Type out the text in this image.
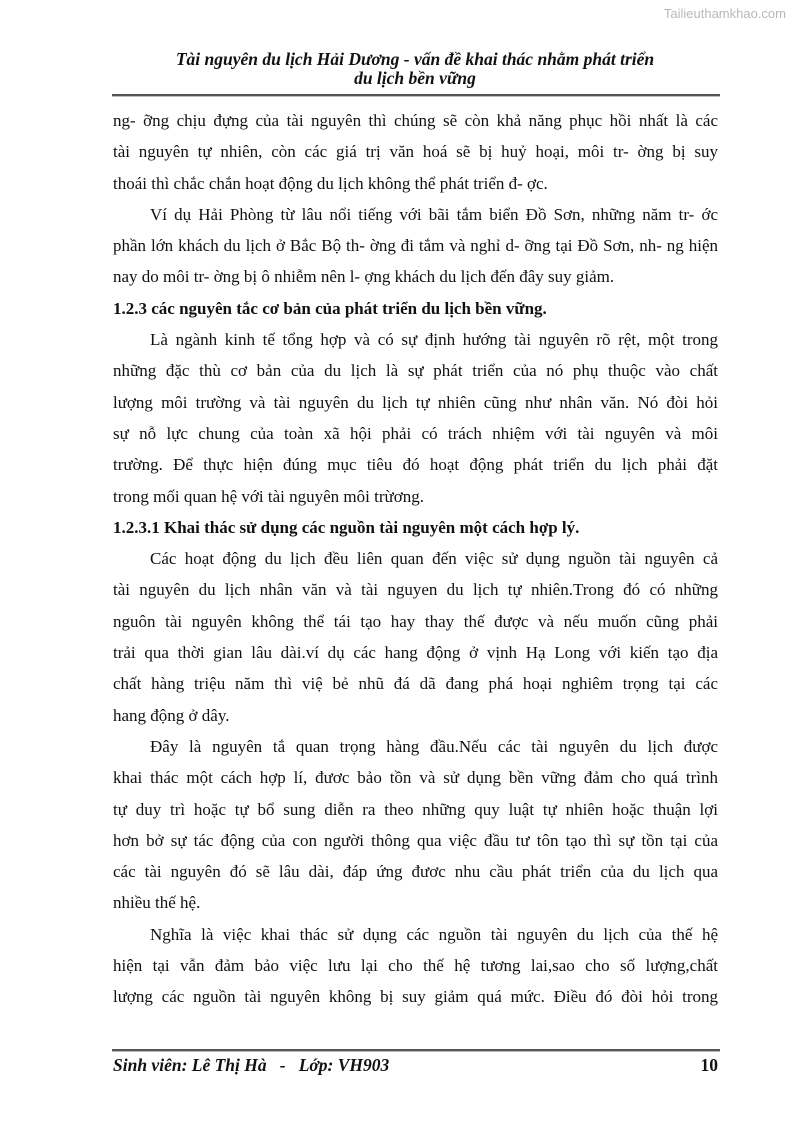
Tailieuthamkhao.com
Tài nguyên du lịch Hải Dương - vấn đề khai thác nhằm phát triển
du lịch bền vững
ng- ỡng chịu đựng của tài nguyên thì chúng sẽ còn khả năng phục hồi nhất là các
tài nguyên tự nhiên, còn các giá trị văn hoá sẽ bị huỷ hoại, môi tr- ờng bị suy
thoái thì chắc chắn hoạt động du lịch không thể phát triển đ- ợc.
Ví dụ Hải Phòng từ lâu nổi tiếng với bãi tắm biển Đồ Sơn, những năm tr- ớc
phần lớn khách du lịch ở Bắc Bộ th- ờng đi tắm và nghỉ d- ỡng tại Đồ Sơn, nh- ng hiện
nay do môi tr- ờng bị ô nhiễm nên l- ợng khách du lịch đến đây suy giảm.
1.2.3 các nguyên tắc cơ bản của phát triển du lịch bền vững.
Là ngành kinh tế tổng hợp và có sự định hướng tài nguyên rõ rệt, một trong
những đặc thù cơ bản của du lịch là sự phát triển của nó phụ thuộc vào chất
lượng môi trường và tài nguyên du lịch tự nhiên cũng như nhân văn. Nó đòi hỏi
sự nỗ lực chung của toàn xã hội phải có trách nhiệm với tài nguyên và môi
trường. Để thực hiện đúng mục tiêu đó hoạt động phát triển du lịch phải đặt
trong mối quan hệ với tài nguyên môi trừơng.
1.2.3.1 Khai thác sử dụng các nguồn tài nguyên một cách hợp lý.
Các hoạt động du lịch đều liên quan đến việc sử dụng nguồn tài nguyên cả
tài nguyên du lịch nhân văn và tài nguyen du lịch tự nhiên.Trong đó có những
nguôn tài nguyên không thể tái tạo hay thay thế được và nếu muốn cũng phải
trải qua thời gian lâu dài.ví dụ các hang động ở vịnh Hạ Long với kiến tạo địa
chất hàng triệu năm thì việ bẻ nhũ đá dã đang phá hoại nghiêm trọng tại các
hang động ở dây.
Đây là nguyên tắ quan trọng hàng đầu.Nếu các tài nguyên du lịch được
khai thác một cách hợp lí, đươc bảo tồn và sử dụng bền vững đảm cho quá trình
tự duy trì hoặc tự bổ sung diễn ra theo những quy luật tự nhiên hoặc thuận lợi
hơn bở sự tác động của con người thông qua việc đầu tư tôn tạo thì sự tồn tại của
các tài nguyên đó sẽ lâu dài, đáp ứng đươc nhu cầu phát triển của du lịch qua
nhiều thế hệ.
Nghĩa là việc khai thác sử dụng các nguồn tài nguyên du lịch của thế hệ
hiện tại vẫn đảm bảo việc lưu lại cho thế hệ tương lai,sao cho số lượng,chất
lượng các nguồn tài nguyên không bị suy giảm quá mức. Điều đó đòi hỏi trong
Sinh viên: Lê Thị Hà   -   Lớp: VH903	10
